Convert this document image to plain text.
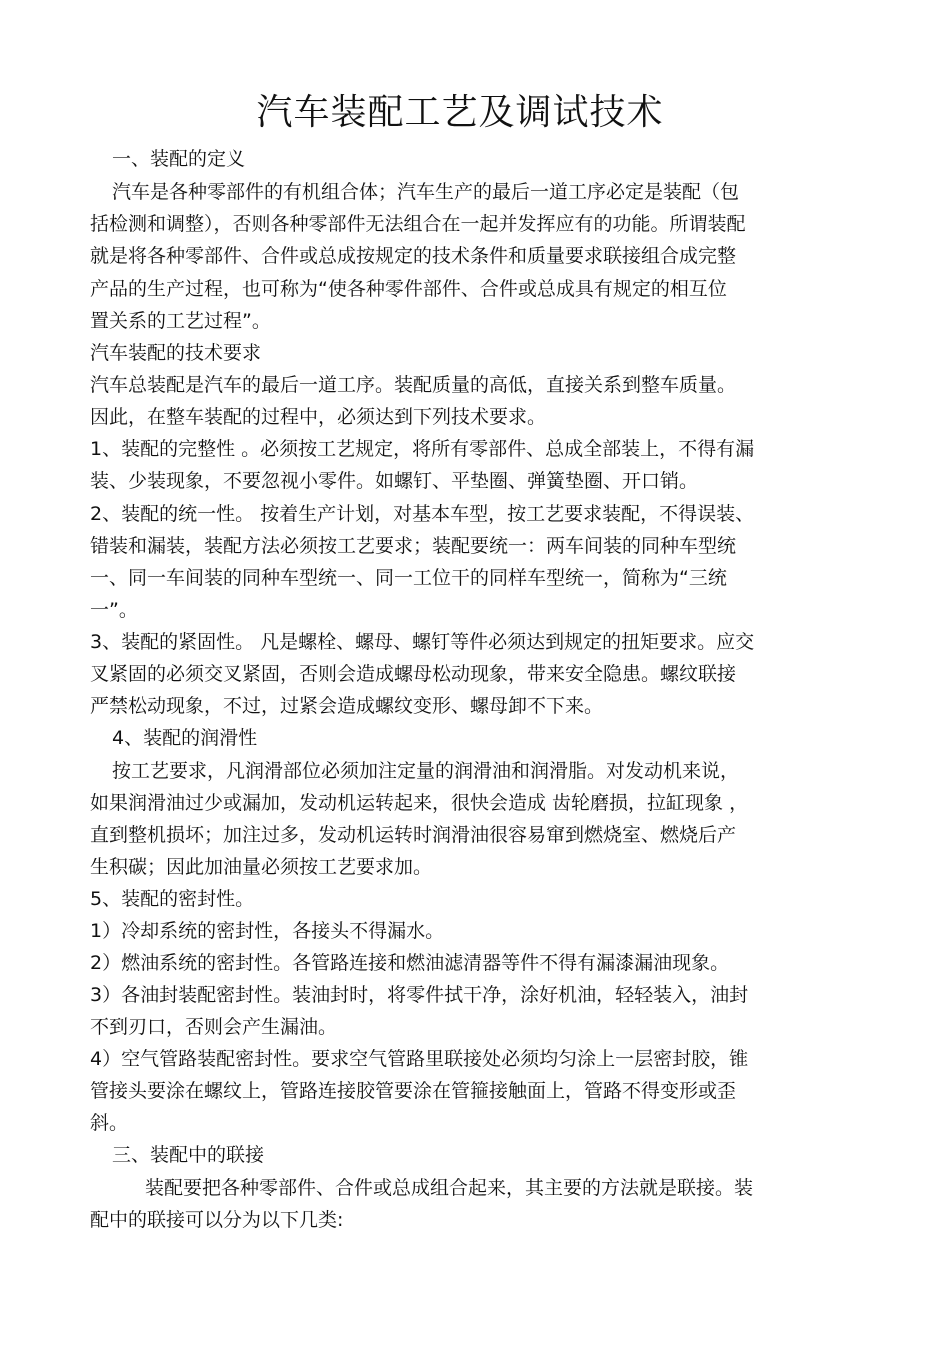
汽车装配工艺及调试技术
一、装配的定义
汽车是各种零部件的有机组合体；汽车生产的最后一道工序必定是装配（包
括检测和调整），否则各种零部件无法组合在一起并发挥应有的功能。所谓装配
就是将各种零部件、合件或总成按规定的技术条件和质量要求联接组合成完整
产品的生产过程，也可称为“使各种零件部件、合件或总成具有规定的相互位
置关系的工艺过程”。
汽车装配的技术要求
汽车总装配是汽车的最后一道工序。装配质量的高低，直接关系到整车质量。
因此，在整车装配的过程中，必须达到下列技术要求。
1、装配的完整性 。必须按工艺规定，将所有零部件、总成全部装上，不得有漏
装、少装现象，不要忽视小零件。如螺钉、平垫圈、弹簧垫圈、开口销。
2、装配的统一性。 按着生产计划，对基本车型，按工艺要求装配，不得误装、
错装和漏装，装配方法必须按工艺要求；装配要统一：两车间装的同种车型统
一、同一车间装的同种车型统一、同一工位干的同样车型统一，简称为“三统
一”。
3、装配的紧固性。 凡是螺栓、螺母、螺钉等件必须达到规定的扭矩要求。应交
叉紧固的必须交叉紧固，否则会造成螺母松动现象，带来安全隐患。螺纹联接
严禁松动现象，不过，过紧会造成螺纹变形、螺母卸不下来。
4、装配的润滑性
按工艺要求，凡润滑部位必须加注定量的润滑油和润滑脂。对发动机来说，
如果润滑油过少或漏加，发动机运转起来，很快会造成 齿轮磨损，拉缸现象 ，
直到整机损坏；加注过多，发动机运转时润滑油很容易窜到燃烧室、燃烧后产
生积碳；因此加油量必须按工艺要求加。
5、装配的密封性。
1）冷却系统的密封性，各接头不得漏水。
2）燃油系统的密封性。各管路连接和燃油滤清器等件不得有漏漆漏油现象。
3）各油封装配密封性。装油封时，将零件拭干净，涂好机油，轻轻装入，油封
不到刃口，否则会产生漏油。
4）空气管路装配密封性。要求空气管路里联接处必须均匀涂上一层密封胶，锥
管接头要涂在螺纹上，管路连接胶管要涂在管箍接触面上，管路不得变形或歪
斜。
三、装配中的联接
装配要把各种零部件、合件或总成组合起来，其主要的方法就是联接。装
配中的联接可以分为以下几类:
